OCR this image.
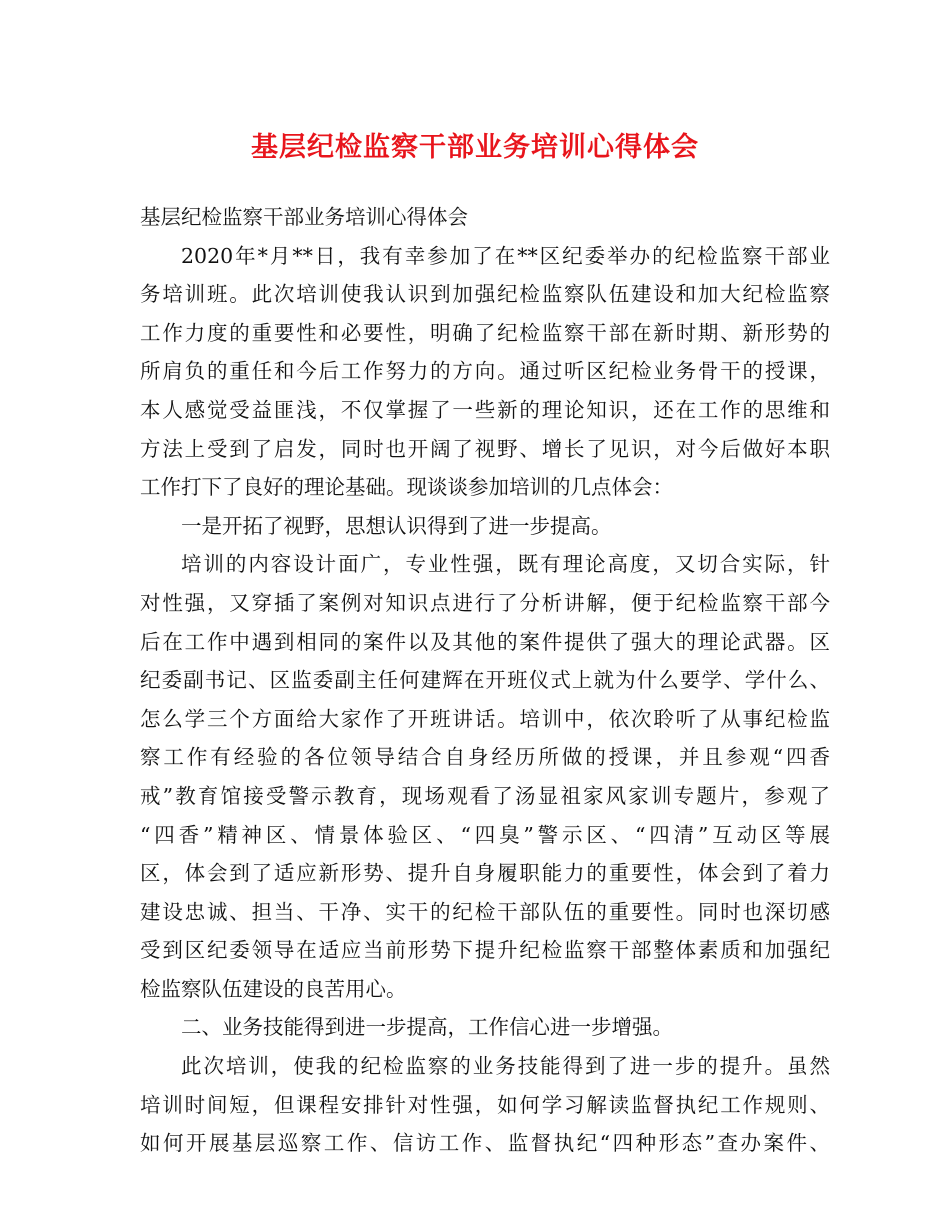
基层纪检监察干部业务培训心得体会

基层纪检监察干部业务培训心得体会

2020年*月**日，我有幸参加了在**区纪委举办的纪检监察干部业
务培训班。此次培训使我认识到加强纪检监察队伍建设和加大纪检监察
工作力度的重要性和必要性，明确了纪检监察干部在新时期、新形势的
所肩负的重任和今后工作努力的方向。通过听区纪检业务骨干的授课，
本人感觉受益匪浅，不仅掌握了一些新的理论知识，还在工作的思维和
方法上受到了启发，同时也开阔了视野、增长了见识，对今后做好本职
工作打下了良好的理论基础。现谈谈参加培训的几点体会：

一是开拓了视野，思想认识得到了进一步提高。

培训的内容设计面广，专业性强，既有理论高度，又切合实际，针
对性强，又穿插了案例对知识点进行了分析讲解，便于纪检监察干部今
后在工作中遇到相同的案件以及其他的案件提供了强大的理论武器。区
纪委副书记、区监委副主任何建辉在开班仪式上就为什么要学、学什么、
怎么学三个方面给大家作了开班讲话。培训中，依次聆听了从事纪检监
察工作有经验的各位领导结合自身经历所做的授课，并且参观“四香
戒”教育馆接受警示教育，现场观看了汤显祖家风家训专题片，参观了
“四香”精神区、情景体验区、“四臭”警示区、“四清”互动区等展
区，体会到了适应新形势、提升自身履职能力的重要性，体会到了着力
建设忠诚、担当、干净、实干的纪检干部队伍的重要性。同时也深切感
受到区纪委领导在适应当前形势下提升纪检监察干部整体素质和加强纪
检监察队伍建设的良苦用心。

二、业务技能得到进一步提高，工作信心进一步增强。

此次培训，使我的纪检监察的业务技能得到了进一步的提升。虽然
培训时间短，但课程安排针对性强，如何学习解读监督执纪工作规则、
如何开展基层巡察工作、信访工作、监督执纪“四种形态”查办案件、
